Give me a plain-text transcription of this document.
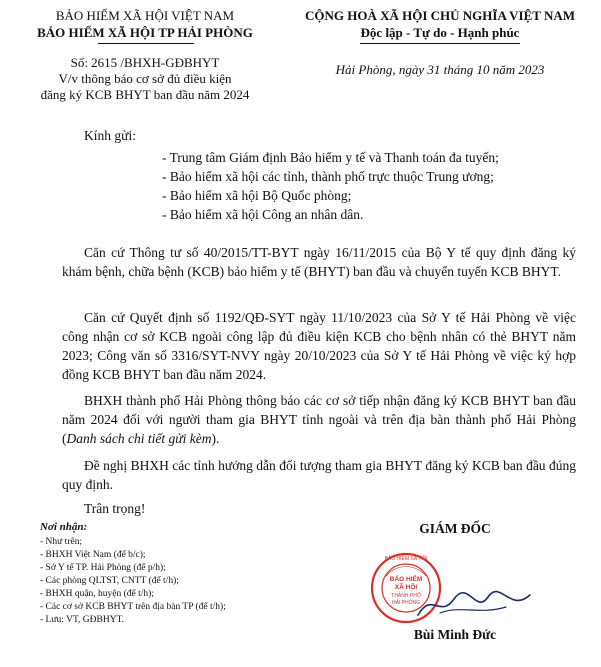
BẢO HIỂM XÃ HỘI VIỆT NAM
BẢO HIỂM XÃ HỘI TP HẢI PHÒNG
Số: 2615 /BHXH-GĐBHYT
V/v thông báo cơ sở đủ điều kiện
đăng ký KCB BHYT ban đầu năm 2024
CỘNG HOÀ XÃ HỘI CHỦ NGHĨA VIỆT NAM
Độc lập - Tự do - Hạnh phúc
Hải Phòng, ngày 31 tháng 10 năm 2023
Kính gửi:
- Trung tâm Giám định Bảo hiểm y tế và Thanh toán đa tuyến;
- Bảo hiểm xã hội các tỉnh, thành phố trực thuộc Trung ương;
- Bảo hiểm xã hội Bộ Quốc phòng;
- Bảo hiểm xã hội Công an nhân dân.
Căn cứ Thông tư số 40/2015/TT-BYT ngày 16/11/2015 của Bộ Y tế quy định đăng ký khám bệnh, chữa bệnh (KCB) bảo hiểm y tế (BHYT) ban đầu và chuyển tuyến KCB BHYT.
Căn cứ Quyết định số 1192/QĐ-SYT ngày 11/10/2023 của Sở Y tế Hải Phòng về việc công nhận cơ sở KCB ngoài công lập đủ điều kiện KCB cho bệnh nhân có thẻ BHYT năm 2023; Công văn số 3316/SYT-NVY ngày 20/10/2023 của Sở Y tế Hải Phòng về việc ký hợp đồng KCB BHYT ban đầu năm 2024.
BHXH thành phố Hải Phòng thông báo các cơ sở tiếp nhận đăng ký KCB BHYT ban đầu năm 2024 đối với người tham gia BHYT tỉnh ngoài và trên địa bàn thành phố Hải Phòng (Danh sách chi tiết gửi kèm).
Đề nghị BHXH các tỉnh hướng dẫn đối tượng tham gia BHYT đăng ký KCB ban đầu đúng quy định.
Trân trọng!
Nơi nhận:
- Như trên;
- BHXH Việt Nam (để b/c);
- Sở Y tế TP. Hải Phòng (để p/h);
- Các phòng QLTST, CNTT (để t/h);
- BHXH quận, huyện (để t/h);
- Các cơ sở KCB BHYT trên địa bàn TP (để t/h);
- Lưu: VT, GĐBHYT.
GIÁM ĐỐC
BẢO HIỂM
XÃ HỘI
THÀNH PHỐ
HẢI PHÒNG
BẢO HIỂM XÃ HỘI
Bùi Minh Đức
